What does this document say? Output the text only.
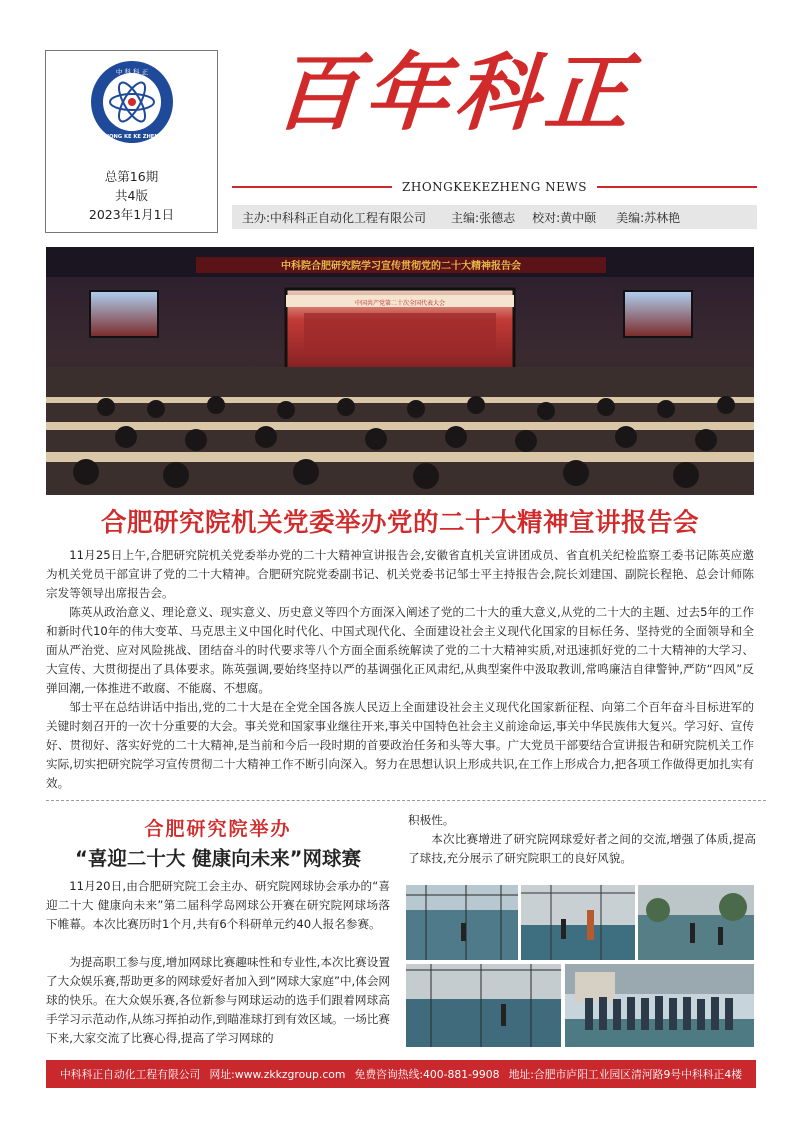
中 科 科 正
ZHONG KE KE ZHENG
总第16期
共4版
2023年1月1日
百年科正
ZHONGKEKEZHENG NEWS
主办:中科科正自动化工程有限公司 主编:张德志 校对:黄中颐 美编:苏林艳
中科院合肥研究院学习宣传贯彻党的二十大精神报告会
中国共产党第二十次全国代表大会
合肥研究院机关党委举办党的二十大精神宣讲报告会

11月25日上午,合肥研究院机关党委举办党的二十大精神宣讲报告会,安徽省直机关宣讲团成员、省直机关纪检监察工委书记陈英应邀为机关党员干部宣讲了党的二十大精神。合肥研究院党委副书记、机关党委书记邹士平主持报告会,院长刘建国、副院长程艳、总会计师陈宗发等领导出席报告会。

陈英从政治意义、理论意义、现实意义、历史意义等四个方面深入阐述了党的二十大的重大意义,从党的二十大的主题、过去5年的工作和新时代10年的伟大变革、马克思主义中国化时代化、中国式现代化、全面建设社会主义现代化国家的目标任务、坚持党的全面领导和全面从严治党、应对风险挑战、团结奋斗的时代要求等八个方面全面系统解读了党的二十大精神实质,对迅速抓好党的二十大精神的大学习、大宣传、大贯彻提出了具体要求。陈英强调,要始终坚持以严的基调强化正风肃纪,从典型案件中汲取教训,常鸣廉洁自律警钟,严防“四风”反弹回潮,一体推进不敢腐、不能腐、不想腐。

邹士平在总结讲话中指出,党的二十大是在全党全国各族人民迈上全面建设社会主义现代化国家新征程、向第二个百年奋斗目标进军的关键时刻召开的一次十分重要的大会。事关党和国家事业继往开来,事关中国特色社会主义前途命运,事关中华民族伟大复兴。学习好、宣传好、贯彻好、落实好党的二十大精神,是当前和今后一段时期的首要政治任务和头等大事。广大党员干部要结合宣讲报告和研究院机关工作实际,切实把研究院学习宣传贯彻二十大精神工作不断引向深入。努力在思想认识上形成共识,在工作上形成合力,把各项工作做得更加扎实有效。

合肥研究院举办
“喜迎二十大 健康向未来”网球赛

11月20日,由合肥研究院工会主办、研究院网球协会承办的“喜迎二十大 健康向未来”第二届科学岛网球公开赛在研究院网球场落下帷幕。本次比赛历时1个月,共有6个科研单元约40人报名参赛。

为提高职工参与度,增加网球比赛趣味性和专业性,本次比赛设置了大众娱乐赛,帮助更多的网球爱好者加入到“网球大家庭”中,体会网球的快乐。在大众娱乐赛,各位新参与网球运动的选手们跟着网球高手学习示范动作,从练习挥拍动作,到瞄准球打到有效区域。一场比赛下来,大家交流了比赛心得,提高了学习网球的

积极性。

本次比赛增进了研究院网球爱好者之间的交流,增强了体质,提高了球技,充分展示了研究院职工的良好风貌。

中科科正自动化工程有限公司 网址:www.zkkzgroup.com 免费咨询热线:400-881-9908 地址:合肥市庐阳工业园区清河路9号中科科正4楼
